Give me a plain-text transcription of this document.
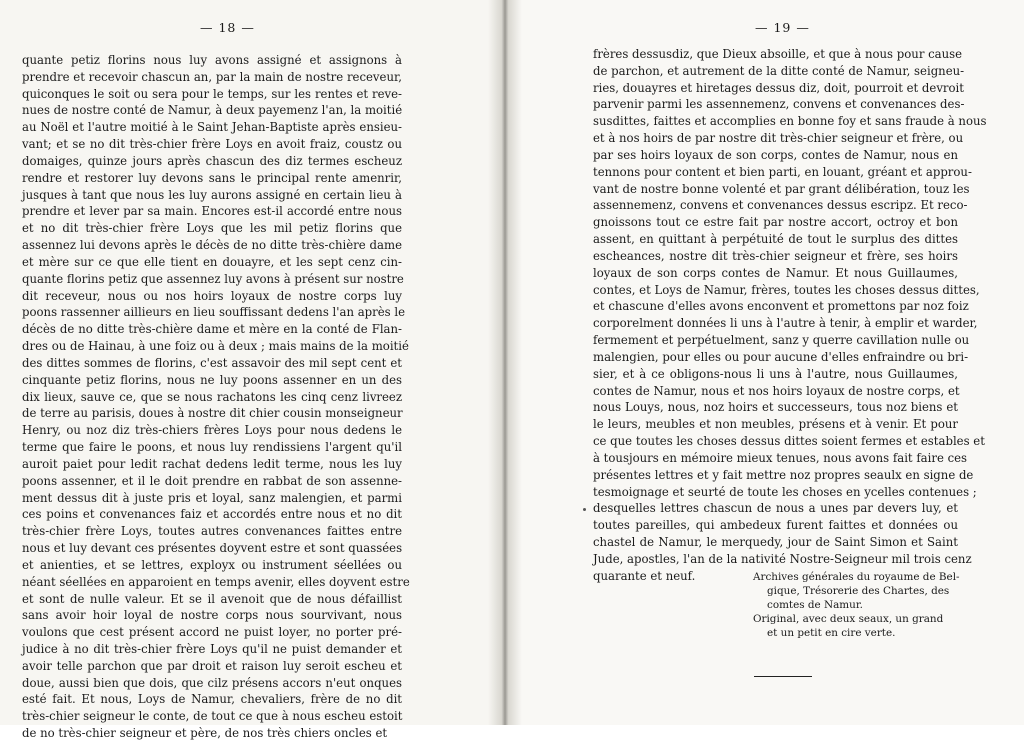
— 18 —
quante petiz florins nous luy avons assigné et assignons à
prendre et recevoir chascun an, par la main de nostre receveur,
quiconques le soit ou sera pour le temps, sur les rentes et reve-
nues de nostre conté de Namur, à deux payemenz l'an, la moitié
au Noël et l'autre moitié à le Saint Jehan-Baptiste après ensieu-
vant; et se no dit très-chier frère Loys en avoit fraiz, coustz ou
domaiges, quinze jours après chascun des diz termes escheuz
rendre et restorer luy devons sans le principal rente amenrir,
jusques à tant que nous les luy aurons assigné en certain lieu à
prendre et lever par sa main. Encores est-il accordé entre nous
et no dit très-chier frère Loys que les mil petiz florins que
assennez lui devons après le décès de no ditte très-chière dame
et mère sur ce que elle tient en douayre, et les sept cenz cin-
quante florins petiz que assennez luy avons à présent sur nostre
dit receveur, nous ou nos hoirs loyaux de nostre corps luy
poons rassenner aillieurs en lieu souffissant dedens l'an après le
décès de no ditte très-chière dame et mère en la conté de Flan-
dres ou de Hainau, à une foiz ou à deux ; mais mains de la moitié
des dittes sommes de florins, c'est assavoir des mil sept cent et
cinquante petiz florins, nous ne luy poons assenner en un des
dix lieux, sauve ce, que se nous rachatons les cinq cenz livreez
de terre au parisis, doues à nostre dit chier cousin monseigneur
Henry, ou noz diz très-chiers frères Loys pour nous dedens le
terme que faire le poons, et nous luy rendissiens l'argent qu'il
auroit paiet pour ledit rachat dedens ledit terme, nous les luy
poons assenner, et il le doit prendre en rabbat de son assenne-
ment dessus dit à juste pris et loyal, sanz malengien, et parmi
ces poins et convenances faiz et accordés entre nous et no dit
très-chier frère Loys, toutes autres convenances faittes entre
nous et luy devant ces présentes doyvent estre et sont quassées
et anienties, et se lettres, exployx ou instrument séellées ou
néant séellées en apparoient en temps avenir, elles doyvent estre
et sont de nulle valeur. Et se il avenoit que de nous défaillist
sans avoir hoir loyal de nostre corps nous sourvivant, nous
voulons que cest présent accord ne puist loyer, no porter pré-
judice à no dit très-chier frère Loys qu'il ne puist demander et
avoir telle parchon que par droit et raison luy seroit escheu et
doue, aussi bien que dois, que cilz présens accors n'eut onques
esté fait. Et nous, Loys de Namur, chevaliers, frère de no dit
très-chier seigneur le conte, de tout ce que à nous escheu estoit
de no très-chier seigneur et père, de nos très chiers oncles et
— 19 —
frères dessusdiz, que Dieux absoille, et que à nous pour cause
de parchon, et autrement de la ditte conté de Namur, seigneu-
ries, douayres et hiretages dessus diz, doit, pourroit et devroit
parvenir parmi les assennemenz, convens et convenances des-
susdittes, faittes et accomplies en bonne foy et sans fraude à nous
et à nos hoirs de par nostre dit très-chier seigneur et frère, ou
par ses hoirs loyaux de son corps, contes de Namur, nous en
tennons pour content et bien parti, en louant, gréant et approu-
vant de nostre bonne volenté et par grant délibération, touz les
assennemenz, convens et convenances dessus escripz. Et reco-
gnoissons tout ce estre fait par nostre accort, octroy et bon
assent, en quittant à perpétuité de tout le surplus des dittes
escheances, nostre dit très-chier seigneur et frère, ses hoirs
loyaux de son corps contes de Namur. Et nous Guillaumes,
contes, et Loys de Namur, frères, toutes les choses dessus dittes,
et chascune d'elles avons enconvent et promettons par noz foiz
corporelment données li uns à l'autre à tenir, à emplir et warder,
fermement et perpétuelment, sanz y querre cavillation nulle ou
malengien, pour elles ou pour aucune d'elles enfraindre ou bri-
sier, et à ce obligons-nous li uns à l'autre, nous Guillaumes,
contes de Namur, nous et nos hoirs loyaux de nostre corps, et
nous Louys, nous, noz hoirs et successeurs, tous noz biens et
le leurs, meubles et non meubles, présens et à venir. Et pour
ce que toutes les choses dessus dittes soient fermes et estables et
à tousjours en mémoire mieux tenues, nous avons fait faire ces
présentes lettres et y fait mettre noz propres seaulx en signe de
tesmoignage et seurté de toute les choses en ycelles contenues ;
desquelles lettres chascun de nous a unes par devers luy, et
toutes pareilles, qui ambedeux furent faittes et données ou
chastel de Namur, le merquedy, jour de Saint Simon et Saint
Jude, apostles, l'an de la nativité Nostre-Seigneur mil trois cenz
quarante et neuf.	Archives générales du royaume de Bel-
gique, Trésorerie des Chartes, des
comtes de Namur.
Original, avec deux seaux, un grand
et un petit en cire verte.
